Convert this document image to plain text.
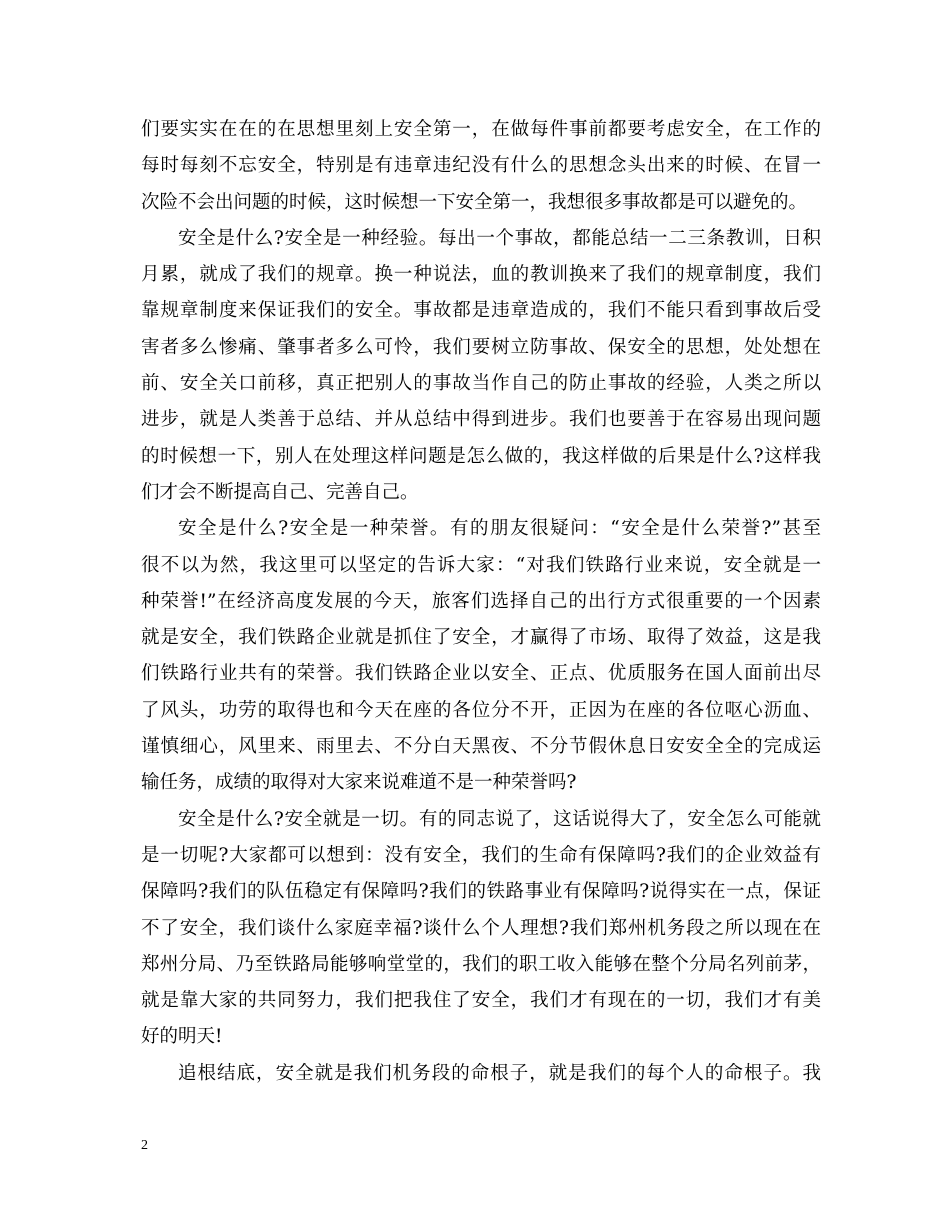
们要实实在在的在思想里刻上安全第一，在做每件事前都要考虑安全，在工作的
每时每刻不忘安全，特别是有违章违纪没有什么的思想念头出来的时候、在冒一
次险不会出问题的时候，这时候想一下安全第一，我想很多事故都是可以避免的。
安全是什么?安全是一种经验。每出一个事故，都能总结一二三条教训，日积
月累，就成了我们的规章。换一种说法，血的教训换来了我们的规章制度，我们
靠规章制度来保证我们的安全。事故都是违章造成的，我们不能只看到事故后受
害者多么惨痛、肇事者多么可怜，我们要树立防事故、保安全的思想，处处想在
前、安全关口前移，真正把别人的事故当作自己的防止事故的经验，人类之所以
进步，就是人类善于总结、并从总结中得到进步。我们也要善于在容易出现问题
的时候想一下，别人在处理这样问题是怎么做的，我这样做的后果是什么?这样我
们才会不断提高自己、完善自己。
安全是什么?安全是一种荣誉。有的朋友很疑问：“安全是什么荣誉?”甚至
很不以为然，我这里可以坚定的告诉大家：“对我们铁路行业来说，安全就是一
种荣誉!”在经济高度发展的今天，旅客们选择自己的出行方式很重要的一个因素
就是安全，我们铁路企业就是抓住了安全，才赢得了市场、取得了效益，这是我
们铁路行业共有的荣誉。我们铁路企业以安全、正点、优质服务在国人面前出尽
了风头，功劳的取得也和今天在座的各位分不开，正因为在座的各位呕心沥血、
谨慎细心，风里来、雨里去、不分白天黑夜、不分节假休息日安安全全的完成运
输任务，成绩的取得对大家来说难道不是一种荣誉吗?
安全是什么?安全就是一切。有的同志说了，这话说得大了，安全怎么可能就
是一切呢?大家都可以想到：没有安全，我们的生命有保障吗?我们的企业效益有
保障吗?我们的队伍稳定有保障吗?我们的铁路事业有保障吗?说得实在一点，保证
不了安全，我们谈什么家庭幸福?谈什么个人理想?我们郑州机务段之所以现在在
郑州分局、乃至铁路局能够响堂堂的，我们的职工收入能够在整个分局名列前茅，
就是靠大家的共同努力，我们把我住了安全，我们才有现在的一切，我们才有美
好的明天!
追根结底，安全就是我们机务段的命根子，就是我们的每个人的命根子。我
2
